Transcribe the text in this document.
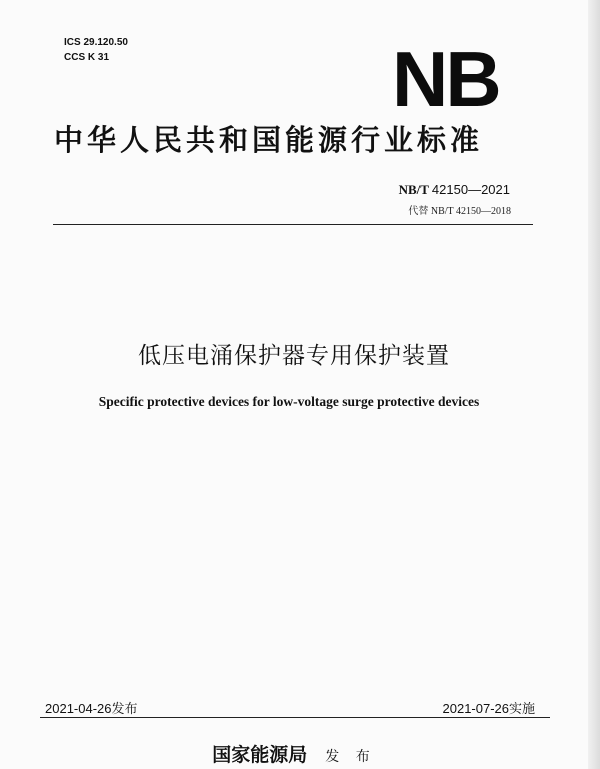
ICS 29.120.50
CCS K 31	NB
中华人民共和国能源行业标准
NB/T 42150—2021
代替 NB/T 42150—2018
低压电涌保护器专用保护装置
Specific protective devices for low-voltage surge protective devices
2021-04-26发布	2021-07-26实施
国家能源局 发 布
